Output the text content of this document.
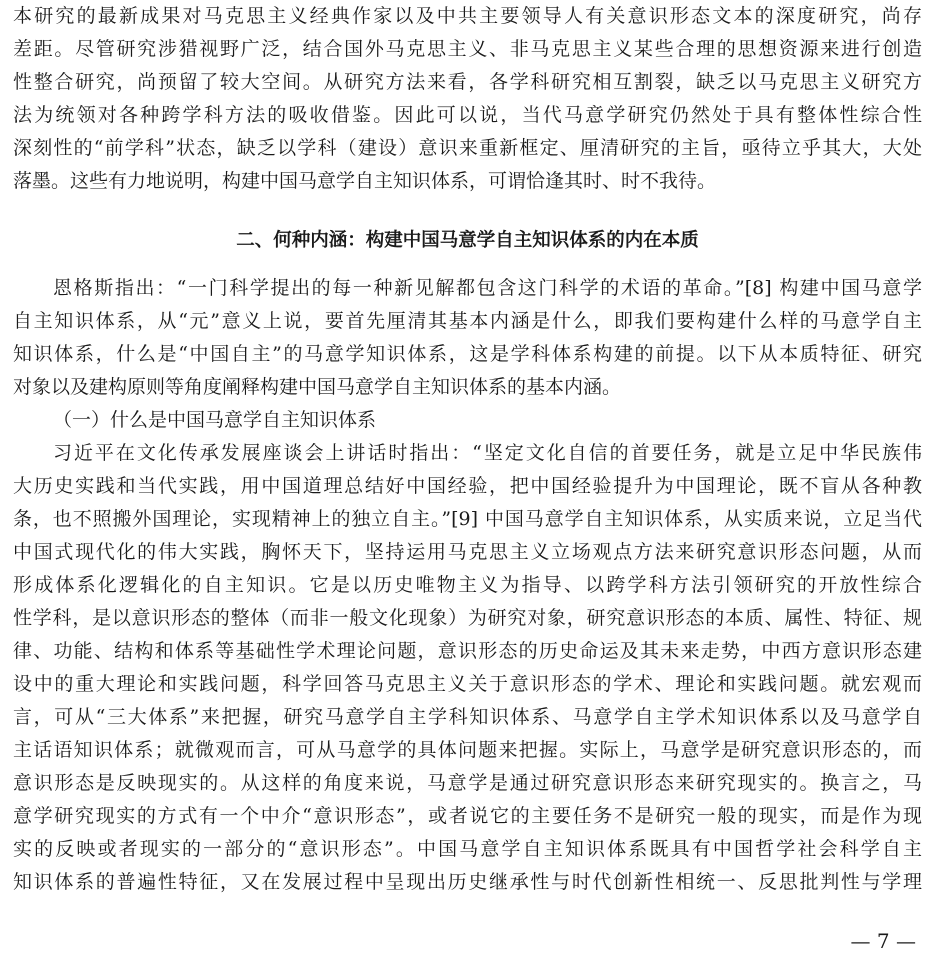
本研究的最新成果对马克思主义经典作家以及中共主要领导人有关意识形态文本的深度研究，尚存
差距。尽管研究涉猎视野广泛，结合国外马克思主义、非马克思主义某些合理的思想资源来进行创造
性整合研究，尚预留了较大空间。从研究方法来看，各学科研究相互割裂，缺乏以马克思主义研究方
法为统领对各种跨学科方法的吸收借鉴。因此可以说，当代马意学研究仍然处于具有整体性综合性
深刻性的“前学科”状态，缺乏以学科（建设）意识来重新框定、厘清研究的主旨，亟待立乎其大，大处
落墨。这些有力地说明，构建中国马意学自主知识体系，可谓恰逢其时、时不我待。
二、何种内涵：构建中国马意学自主知识体系的内在本质
恩格斯指出：“一门科学提出的每一种新见解都包含这门科学的术语的革命。”[8] 构建中国马意学
自主知识体系，从“元”意义上说，要首先厘清其基本内涵是什么，即我们要构建什么样的马意学自主
知识体系，什么是“中国自主”的马意学知识体系，这是学科体系构建的前提。以下从本质特征、研究
对象以及建构原则等角度阐释构建中国马意学自主知识体系的基本内涵。
（一）什么是中国马意学自主知识体系
习近平在文化传承发展座谈会上讲话时指出：“坚定文化自信的首要任务，就是立足中华民族伟
大历史实践和当代实践，用中国道理总结好中国经验，把中国经验提升为中国理论，既不盲从各种教
条，也不照搬外国理论，实现精神上的独立自主。”[9] 中国马意学自主知识体系，从实质来说，立足当代
中国式现代化的伟大实践，胸怀天下，坚持运用马克思主义立场观点方法来研究意识形态问题，从而
形成体系化逻辑化的自主知识。它是以历史唯物主义为指导、以跨学科方法引领研究的开放性综合
性学科，是以意识形态的整体（而非一般文化现象）为研究对象，研究意识形态的本质、属性、特征、规
律、功能、结构和体系等基础性学术理论问题，意识形态的历史命运及其未来走势，中西方意识形态建
设中的重大理论和实践问题，科学回答马克思主义关于意识形态的学术、理论和实践问题。就宏观而
言，可从“三大体系”来把握，研究马意学自主学科知识体系、马意学自主学术知识体系以及马意学自
主话语知识体系；就微观而言，可从马意学的具体问题来把握。实际上，马意学是研究意识形态的，而
意识形态是反映现实的。从这样的角度来说，马意学是通过研究意识形态来研究现实的。换言之，马
意学研究现实的方式有一个中介“意识形态”，或者说它的主要任务不是研究一般的现实，而是作为现
实的反映或者现实的一部分的“意识形态”。中国马意学自主知识体系既具有中国哲学社会科学自主
知识体系的普遍性特征，又在发展过程中呈现出历史继承性与时代创新性相统一、反思批判性与学理
— 7 —
